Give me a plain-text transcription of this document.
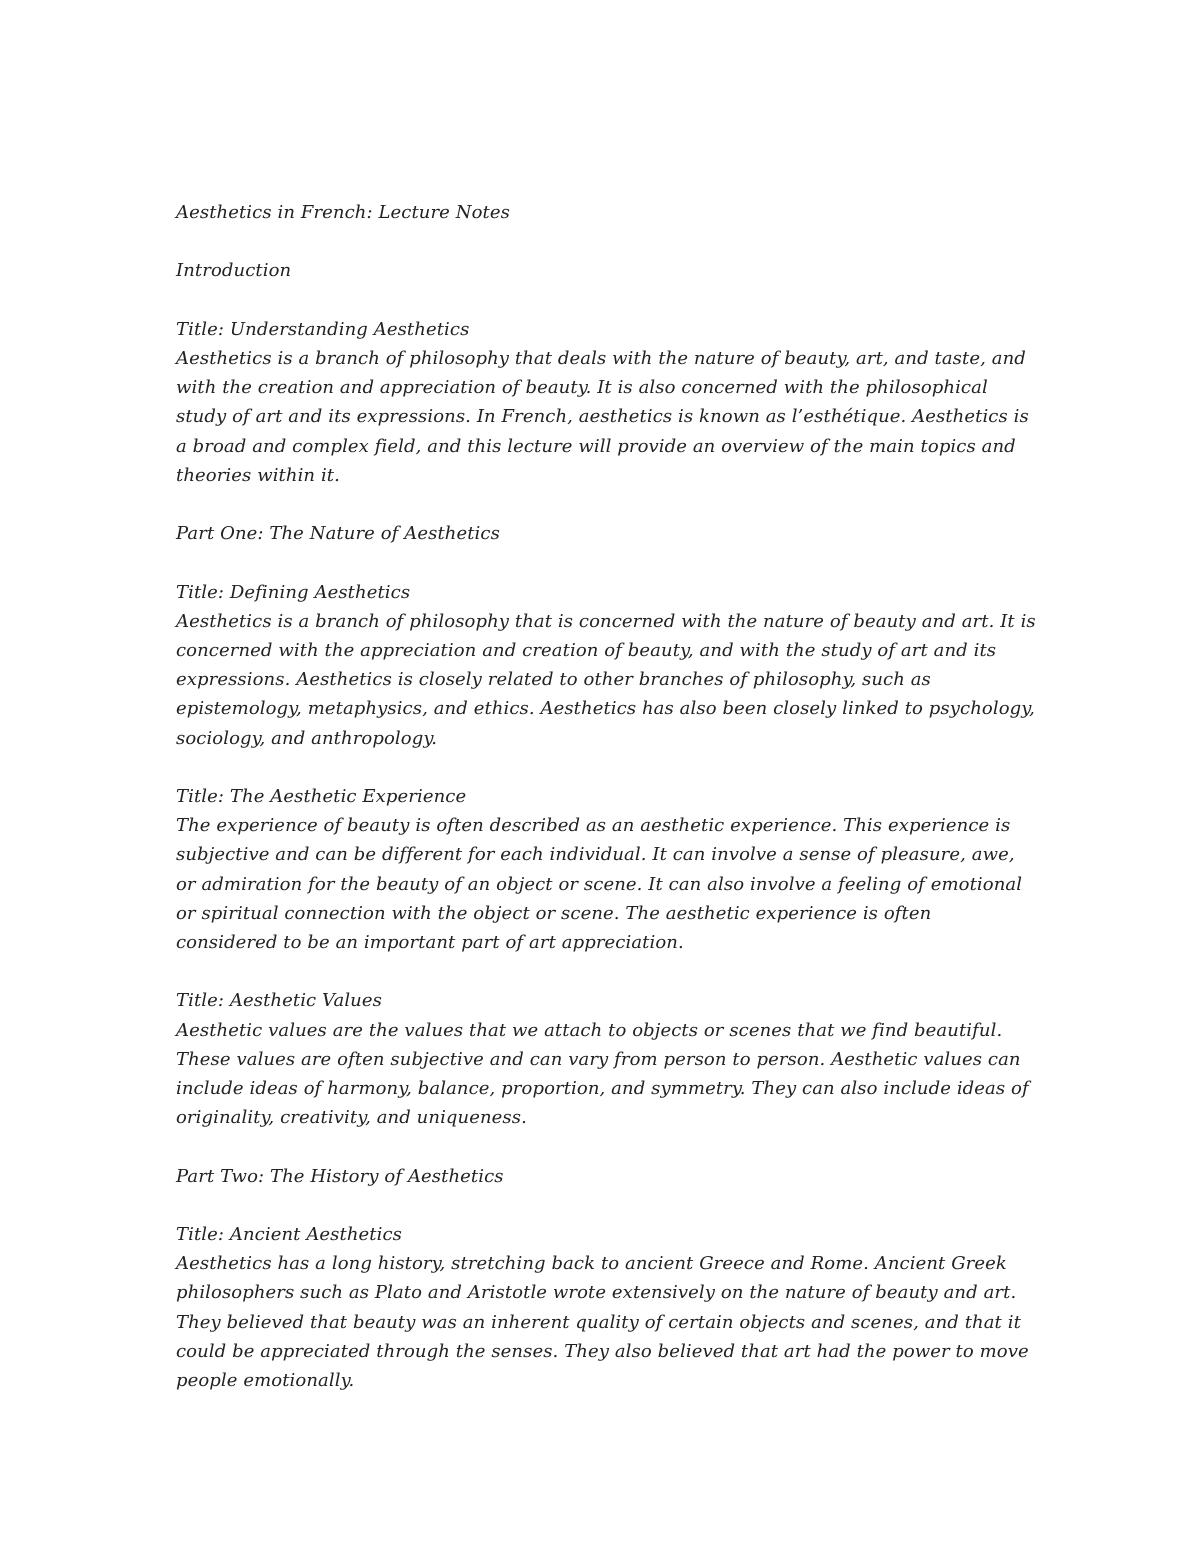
Aesthetics in French: Lecture Notes

Introduction

Title: Understanding Aesthetics

Aesthetics is a branch of philosophy that deals with the nature of beauty, art, and taste, and with the creation and appreciation of beauty. It is also concerned with the philosophical study of art and its expressions. In French, aesthetics is known as l’esthétique. Aesthetics is a broad and complex field, and this lecture will provide an overview of the main topics and theories within it.

Part One: The Nature of Aesthetics

Title: Defining Aesthetics

Aesthetics is a branch of philosophy that is concerned with the nature of beauty and art. It is concerned with the appreciation and creation of beauty, and with the study of art and its expressions. Aesthetics is closely related to other branches of philosophy, such as epistemology, metaphysics, and ethics. Aesthetics has also been closely linked to psychology, sociology, and anthropology.

Title: The Aesthetic Experience

The experience of beauty is often described as an aesthetic experience. This experience is subjective and can be different for each individual. It can involve a sense of pleasure, awe, or admiration for the beauty of an object or scene. It can also involve a feeling of emotional or spiritual connection with the object or scene. The aesthetic experience is often considered to be an important part of art appreciation.

Title: Aesthetic Values

Aesthetic values are the values that we attach to objects or scenes that we find beautiful. These values are often subjective and can vary from person to person. Aesthetic values can include ideas of harmony, balance, proportion, and symmetry. They can also include ideas of originality, creativity, and uniqueness.

Part Two: The History of Aesthetics

Title: Ancient Aesthetics

Aesthetics has a long history, stretching back to ancient Greece and Rome. Ancient Greek philosophers such as Plato and Aristotle wrote extensively on the nature of beauty and art. They believed that beauty was an inherent quality of certain objects and scenes, and that it could be appreciated through the senses. They also believed that art had the power to move people emotionally.
